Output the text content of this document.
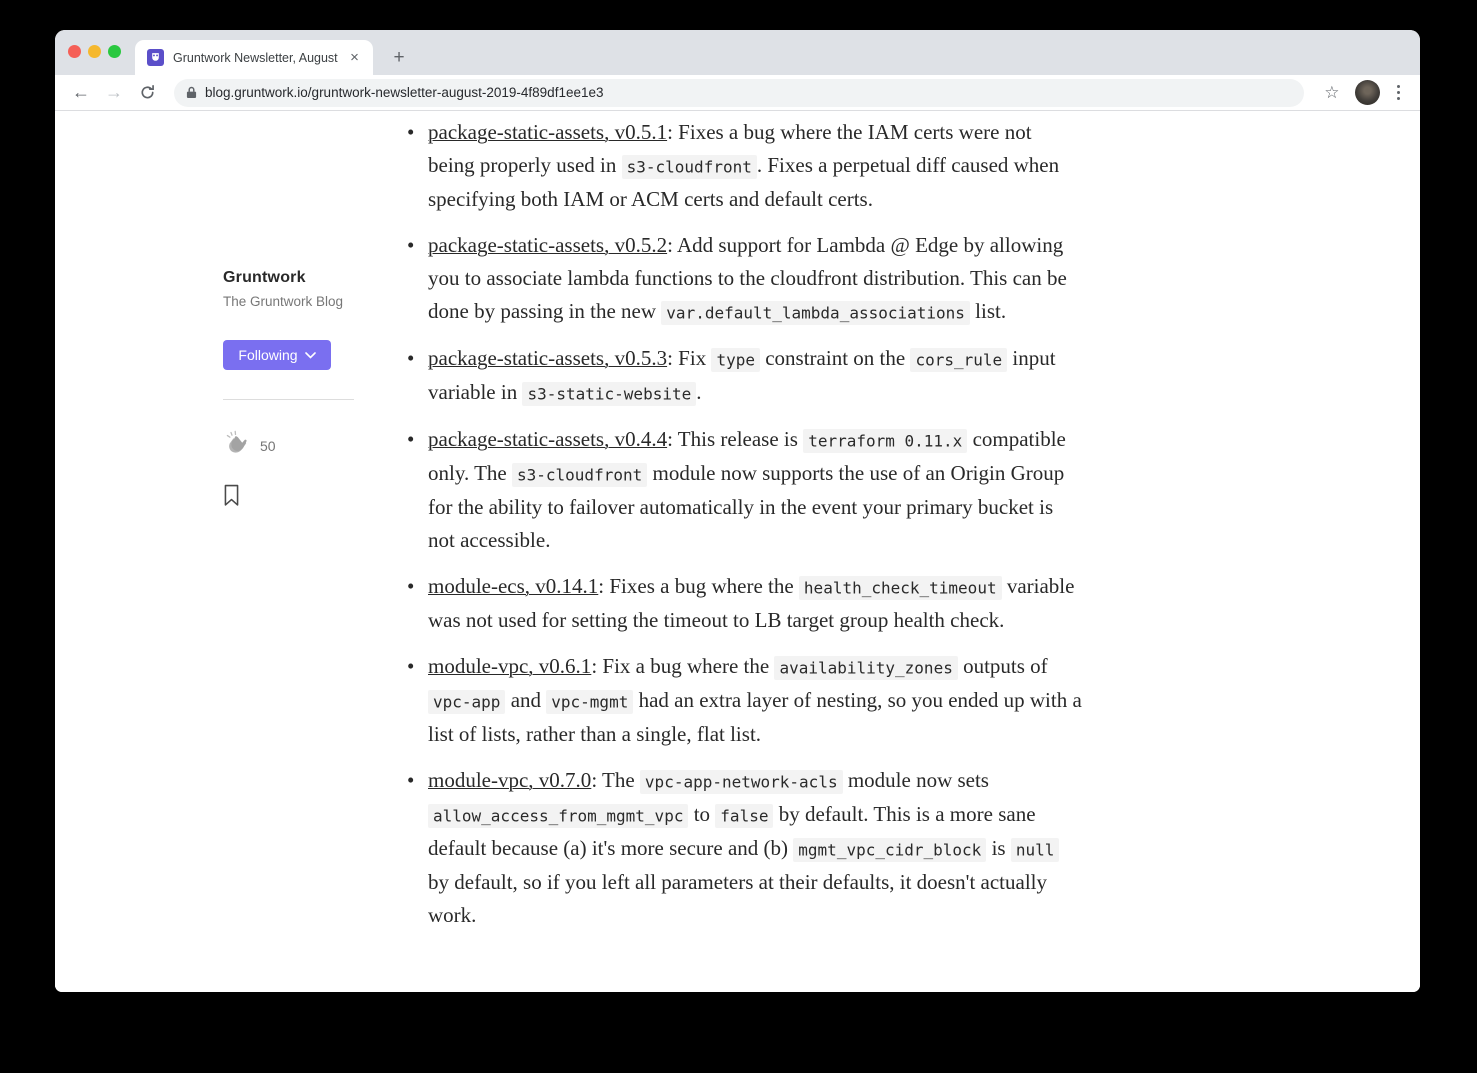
Gruntwork Newsletter, August ×	+
← →	blog.gruntwork.io/gruntwork-newsletter-august-2019-4f89df1ee1e3	☆
Gruntwork
The Gruntwork Blog
Following
50
• package-static-assets, v0.5.1: Fixes a bug where the IAM certs were not being properly used in s3-cloudfront . Fixes a perpetual diff caused when specifying both IAM or ACM certs and default certs.
• package-static-assets, v0.5.2: Add support for Lambda @ Edge by allowing you to associate lambda functions to the cloudfront distribution. This can be done by passing in the new var.default_lambda_associations list.
• package-static-assets, v0.5.3: Fix type constraint on the cors_rule input variable in s3-static-website .
• package-static-assets, v0.4.4: This release is terraform 0.11.x compatible only. The s3-cloudfront module now supports the use of an Origin Group for the ability to failover automatically in the event your primary bucket is not accessible.
• module-ecs, v0.14.1: Fixes a bug where the health_check_timeout variable was not used for setting the timeout to LB target group health check.
• module-vpc, v0.6.1: Fix a bug where the availability_zones outputs of vpc-app and vpc-mgmt had an extra layer of nesting, so you ended up with a list of lists, rather than a single, flat list.
• module-vpc, v0.7.0: The vpc-app-network-acls module now sets allow_access_from_mgmt_vpc to false by default. This is a more sane default because (a) it's more secure and (b) mgmt_vpc_cidr_block is null by default, so if you left all parameters at their defaults, it doesn't actually work.
